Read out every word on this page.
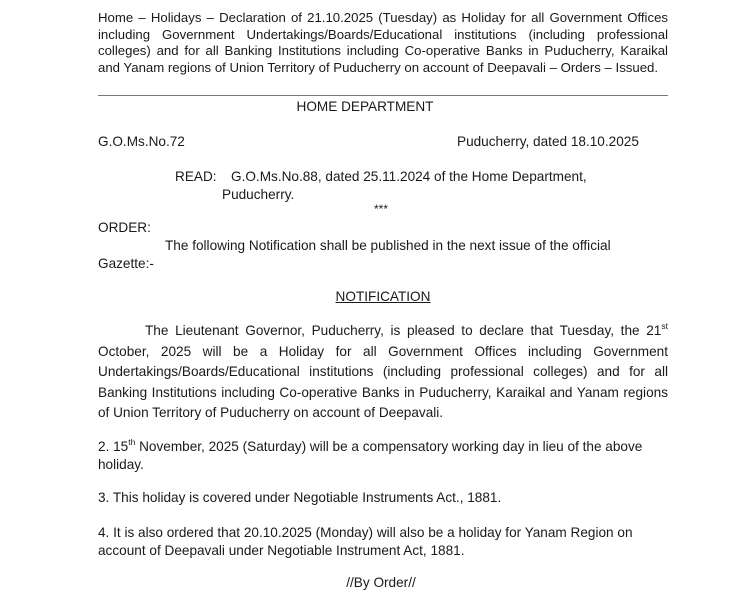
Home – Holidays – Declaration of 21.10.2025 (Tuesday) as Holiday for all Government Offices including Government Undertakings/Boards/Educational institutions (including professional colleges) and for all Banking Institutions including Co-operative Banks in Puducherry, Karaikal and Yanam regions of Union Territory of Puducherry on account of Deepavali – Orders – Issued.
HOME DEPARTMENT
G.O.Ms.No.72	Puducherry, dated 18.10.2025
READ: G.O.Ms.No.88, dated 25.11.2024 of the Home Department,
Puducherry.
***
ORDER:
The following Notification shall be published in the next issue of the official Gazette:-
NOTIFICATION
The Lieutenant Governor, Puducherry, is pleased to declare that Tuesday, the 21st October, 2025 will be a Holiday for all Government Offices including Government Undertakings/Boards/Educational institutions (including professional colleges) and for all Banking Institutions including Co-operative Banks in Puducherry, Karaikal and Yanam regions of Union Territory of Puducherry on account of Deepavali.
2. 15th November, 2025 (Saturday) will be a compensatory working day in lieu of the above holiday.
3. This holiday is covered under Negotiable Instruments Act., 1881.
4. It is also ordered that 20.10.2025 (Monday) will also be a holiday for Yanam Region on account of Deepavali under Negotiable Instrument Act, 1881.
//By Order//
